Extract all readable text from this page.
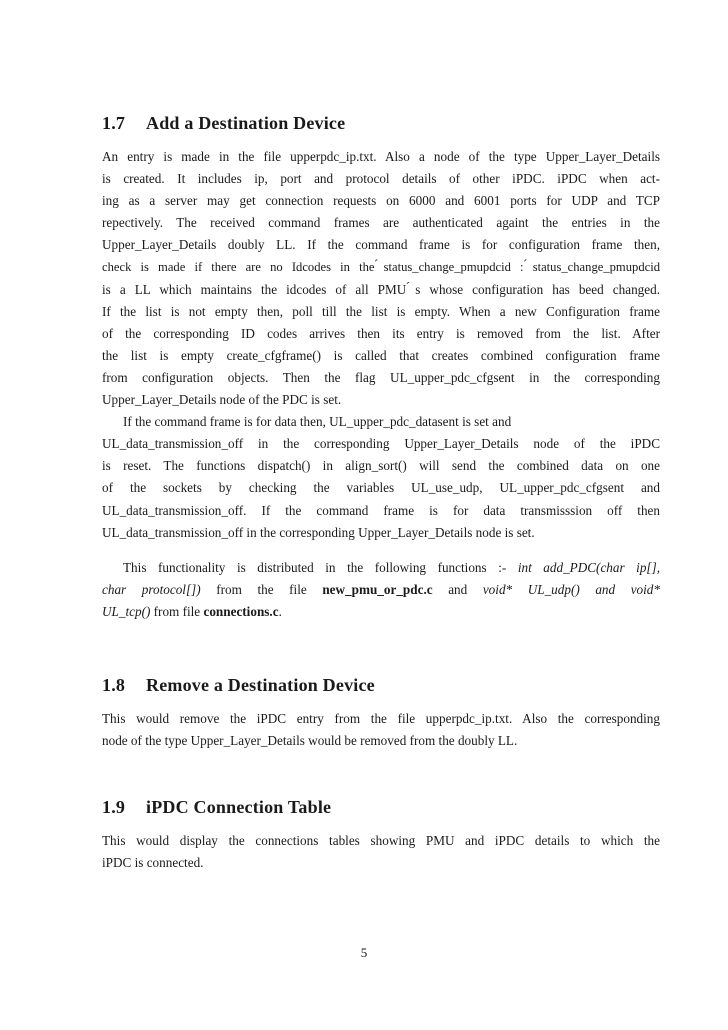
1.7 Add a Destination Device

An entry is made in the file upperpdc_ip.txt. Also a node of the type Upper_Layer_Details
is created. It includes ip, port and protocol details of other iPDC. iPDC when act-
ing as a server may get connection requests on 6000 and 6001 ports for UDP and TCP
repectively. The received command frames are authenticated againt the entries in the
Upper_Layer_Details doubly LL. If the command frame is for configuration frame then,
check is made if there are no Idcodes in the ́status_change_pmupdcid : ́status_change_pmupdcid
is a LL which maintains the idcodes of all PMU ́s whose configuration has beed changed.
If the list is not empty then, poll till the list is empty. When a new Configuration frame
of the corresponding ID codes arrives then its entry is removed from the list. After
the list is empty create_cfgframe() is called that creates combined configuration frame
from configuration objects. Then the flag UL_upper_pdc_cfgsent in the corresponding
Upper_Layer_Details node of the PDC is set.

If the command frame is for data then, UL_upper_pdc_datasent is set and
UL_data_transmission_off in the corresponding Upper_Layer_Details node of the iPDC
is reset. The functions dispatch() in align_sort() will send the combined data on one
of the sockets by checking the variables UL_use_udp, UL_upper_pdc_cfgsent and
UL_data_transmission_off. If the command frame is for data transmisssion off then
UL_data_transmission_off in the corresponding Upper_Layer_Details node is set.

This functionality is distributed in the following functions :- int add_PDC(char ip[],
char protocol[]) from the file new_pmu_or_pdc.c and void* UL_udp() and void*
UL_tcp() from file connections.c.

1.8 Remove a Destination Device

This would remove the iPDC entry from the file upperpdc_ip.txt. Also the corresponding
node of the type Upper_Layer_Details would be removed from the doubly LL.

1.9 iPDC Connection Table

This would display the connections tables showing PMU and iPDC details to which the
iPDC is connected.

5
